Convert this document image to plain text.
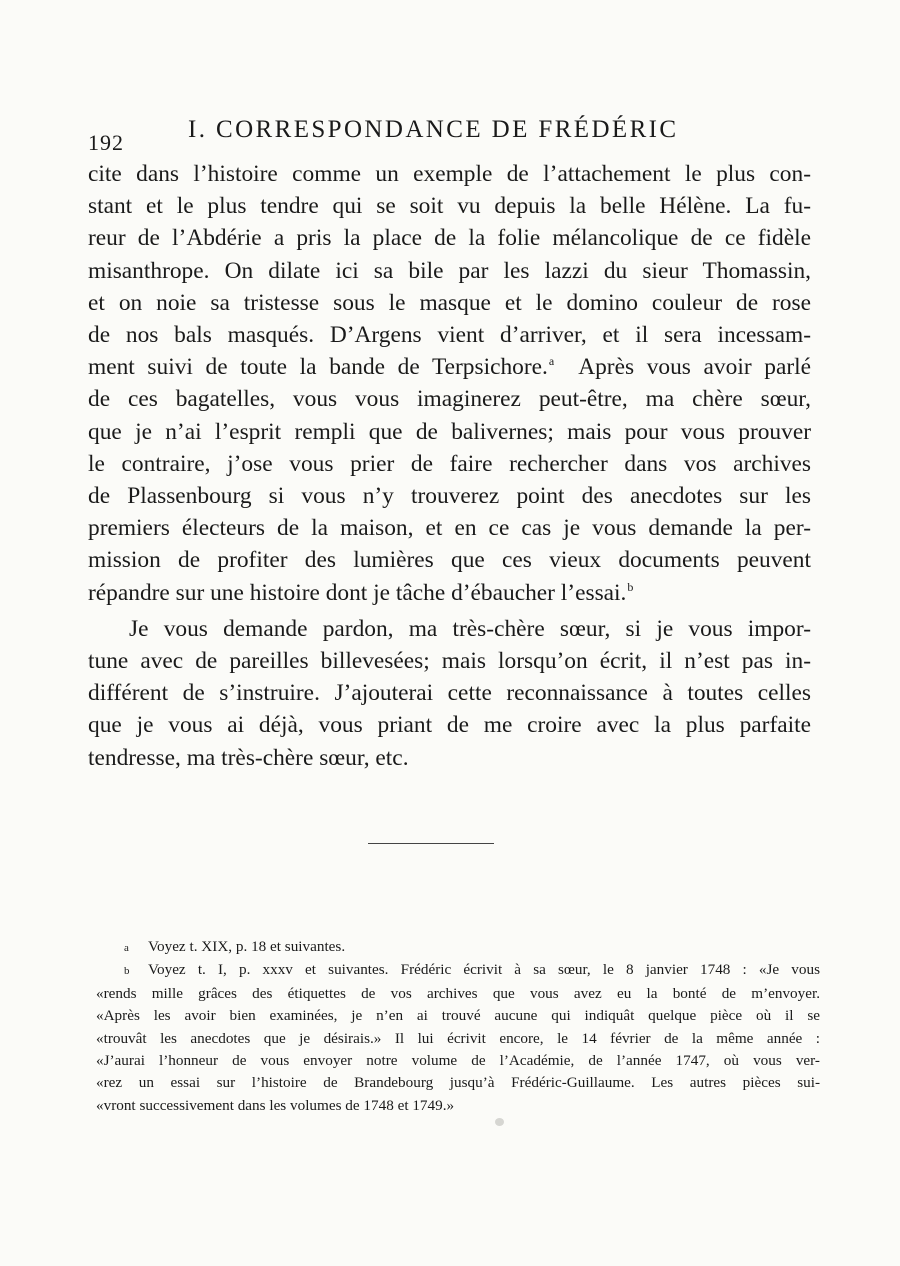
192	I. CORRESPONDANCE DE FRÉDÉRIC
cite dans l’histoire comme un exemple de l’attachement le plus con-
stant et le plus tendre qui se soit vu depuis la belle Hélène. La fu-
reur de l’Abdérie a pris la place de la folie mélancolique de ce fidèle
misanthrope. On dilate ici sa bile par les lazzi du sieur Thomassin,
et on noie sa tristesse sous le masque et le domino couleur de rose
de nos bals masqués. D’Argens vient d’arriver, et il sera incessam-
ment suivi de toute la bande de Terpsichore.$^a$ Après vous avoir parlé
de ces bagatelles, vous vous imaginerez peut-être, ma chère sœur,
que je n’ai l’esprit rempli que de balivernes; mais pour vous prouver
le contraire, j’ose vous prier de faire rechercher dans vos archives
de Plassenbourg si vous n’y trouverez point des anecdotes sur les
premiers électeurs de la maison, et en ce cas je vous demande la per-
mission de profiter des lumières que ces vieux documents peuvent
répandre sur une histoire dont je tâche d’ébaucher l’essai.$^b$
Je vous demande pardon, ma très-chère sœur, si je vous impor-
tune avec de pareilles billevesées; mais lorsqu’on écrit, il n’est pas in-
différent de s’instruire. J’ajouterai cette reconnaissance à toutes celles
que je vous ai déjà, vous priant de me croire avec la plus parfaite
tendresse, ma très-chère sœur, etc.
a Voyez t. XIX, p. 18 et suivantes.
b Voyez t. I, p. xxxv et suivantes. Frédéric écrivit à sa sœur, le 8 janvier 1748 : «Je vous
«rends mille grâces des étiquettes de vos archives que vous avez eu la bonté de m’envoyer.
«Après les avoir bien examinées, je n’en ai trouvé aucune qui indiquât quelque pièce où il se
«trouvât les anecdotes que je désirais.» Il lui écrivit encore, le 14 février de la même année :
«J’aurai l’honneur de vous envoyer notre volume de l’Académie, de l’année 1747, où vous ver-
«rez un essai sur l’histoire de Brandebourg jusqu’à Frédéric-Guillaume. Les autres pièces sui-
«vront successivement dans les volumes de 1748 et 1749.»
